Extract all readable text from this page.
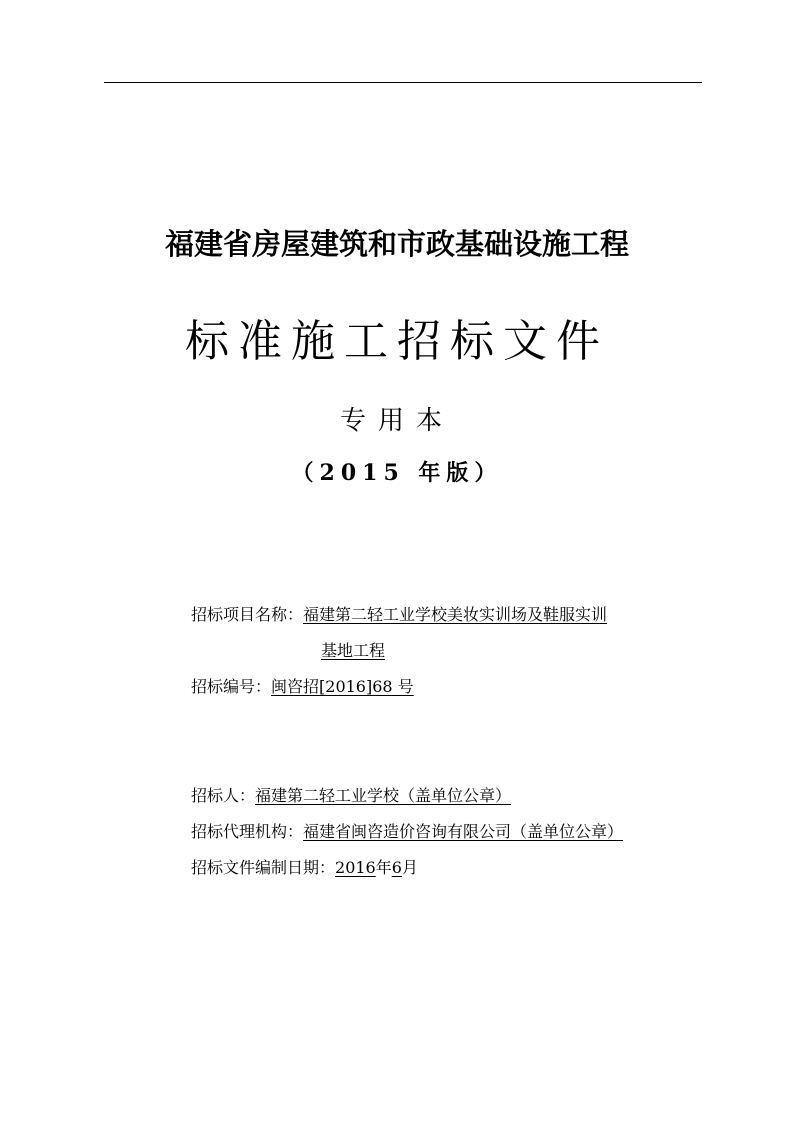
福建省房屋建筑和市政基础设施工程
标准施工招标文件
专用本
（2015 年版）
招标项目名称：福建第二轻工业学校美妆实训场及鞋服实训
基地工程
招标编号：闽咨招[2016]68 号
招标人：福建第二轻工业学校（盖单位公章）
招标代理机构：福建省闽咨造价咨询有限公司（盖单位公章）
招标文件编制日期：2016年6月
